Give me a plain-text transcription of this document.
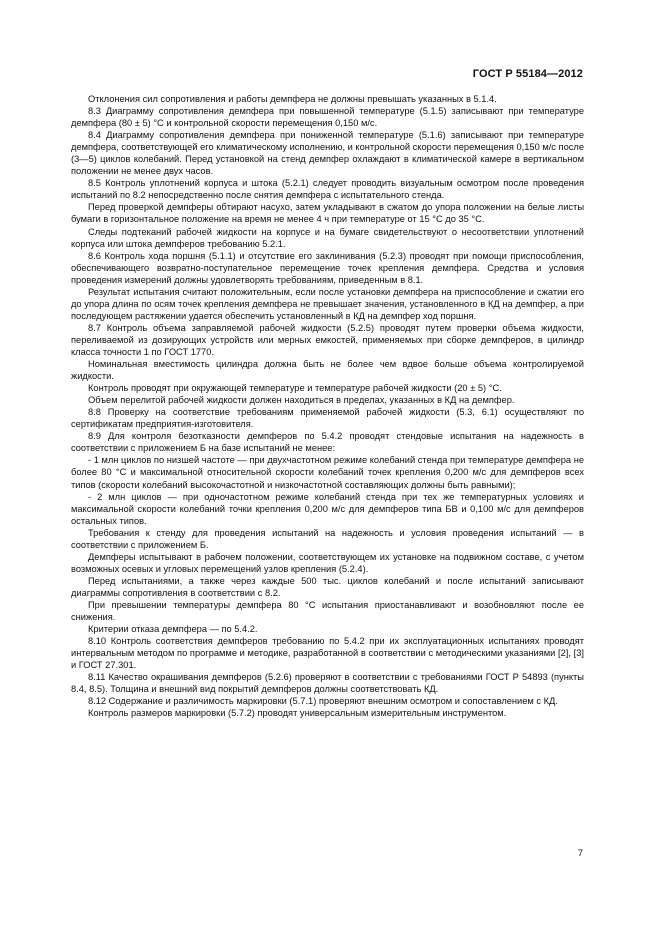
ГОСТ Р 55184—2012

Отклонения сил сопротивления и работы демпфера не должны превышать указанных в 5.1.4.

8.3 Диаграмму сопротивления демпфера при повышенной температуре (5.1.5) записывают при температуре демпфера (80 ± 5) °С и контрольной скорости перемещения 0,150 м/с.

8.4 Диаграмму сопротивления демпфера при пониженной температуре (5.1.6) записывают при температуре демпфера, соответствующей его климатическому исполнению, и контрольной скорости перемещения 0,150 м/с после (3—5) циклов колебаний. Перед установкой на стенд демпфер охлаждают в климатической камере в вертикальном положении не менее двух часов.

8.5 Контроль уплотнений корпуса и штока (5.2.1) следует проводить визуальным осмотром после проведения испытаний по 8.2 непосредственно после снятия демпфера с испытательного стенда.

Перед проверкой демпферы обтирают насухо, затем укладывают в сжатом до упора положении на белые листы бумаги в горизонтальное положение на время не менее 4 ч при температуре от 15 °С до 35 °С.

Следы подтеканий рабочей жидкости на корпусе и на бумаге свидетельствуют о несоответствии уплотнений корпуса или штока демпферов требованию 5.2.1.

8.6 Контроль хода поршня (5.1.1) и отсутствие его заклинивания (5.2.3) проводят при помощи приспособления, обеспечивающего возвратно-поступательное перемещение точек крепления демпфера. Средства и условия проведения измерений должны удовлетворять требованиям, приведенным в 8.1.

Результат испытания считают положительным, если после установки демпфера на приспособление и сжатии его до упора длина по осям точек крепления демпфера не превышает значения, установленного в КД на демпфер, а при последующем растяжении удается обеспечить установленный в КД на демпфер ход поршня.

8.7 Контроль объема заправляемой рабочей жидкости (5.2.5) проводят путем проверки объема жидкости, переливаемой из дозирующих устройств или мерных емкостей, применяемых при сборке демпферов, в цилиндр класса точности 1 по ГОСТ 1770.

Номинальная вместимость цилиндра должна быть не более чем вдвое больше объема контролируемой жидкости.

Контроль проводят при окружающей температуре и температуре рабочей жидкости (20 ± 5) °С.

Объем перелитой рабочей жидкости должен находиться в пределах, указанных в КД на демпфер.

8.8 Проверку на соответствие требованиям применяемой рабочей жидкости (5.3, 6.1) осуществляют по сертификатам предприятия-изготовителя.

8.9 Для контроля безотказности демпферов по 5.4.2 проводят стендовые испытания на надежность в соответствии с приложением Б на базе испытаний не менее:

- 1 млн циклов по низшей частоте — при двухчастотном режиме колебаний стенда при температуре демпфера не более 80 °С и максимальной относительной скорости колебаний точек крепления 0,200 м/с для демпферов всех типов (скорости колебаний высокочастотной и низкочастотной составляющих должны быть равными);

- 2 млн циклов — при одночастотном режиме колебаний стенда при тех же температурных условиях и максимальной скорости колебаний точки крепления 0,200 м/с для демпферов типа БВ и 0,100 м/с для демпферов остальных типов.

Требования к стенду для проведения испытаний на надежность и условия проведения испытаний — в соответствии с приложением Б.

Демпферы испытывают в рабочем положении, соответствующем их установке на подвижном составе, с учетом возможных осевых и угловых перемещений узлов крепления (5.2.4).

Перед испытаниями, а также через каждые 500 тыс. циклов колебаний и после испытаний записывают диаграммы сопротивления в соответствии с 8.2.

При превышении температуры демпфера 80 °С испытания приостанавливают и возобновляют после ее снижения.

Критерии отказа демпфера — по 5.4.2.

8.10 Контроль соответствия демпферов требованию по 5.4.2 при их эксплуатационных испытаниях проводят интервальным методом по программе и методике, разработанной в соответствии с методическими указаниями [2], [3] и ГОСТ 27.301.

8.11 Качество окрашивания демпферов (5.2.6) проверяют в соответствии с требованиями ГОСТ Р 54893 (пункты 8.4, 8.5). Толщина и внешний вид покрытий демпферов должны соответствовать КД.

8.12 Содержание и различимость маркировки (5.7.1) проверяют внешним осмотром и сопоставлением с КД.

Контроль размеров маркировки (5.7.2) проводят универсальным измерительным инструментом.

7
